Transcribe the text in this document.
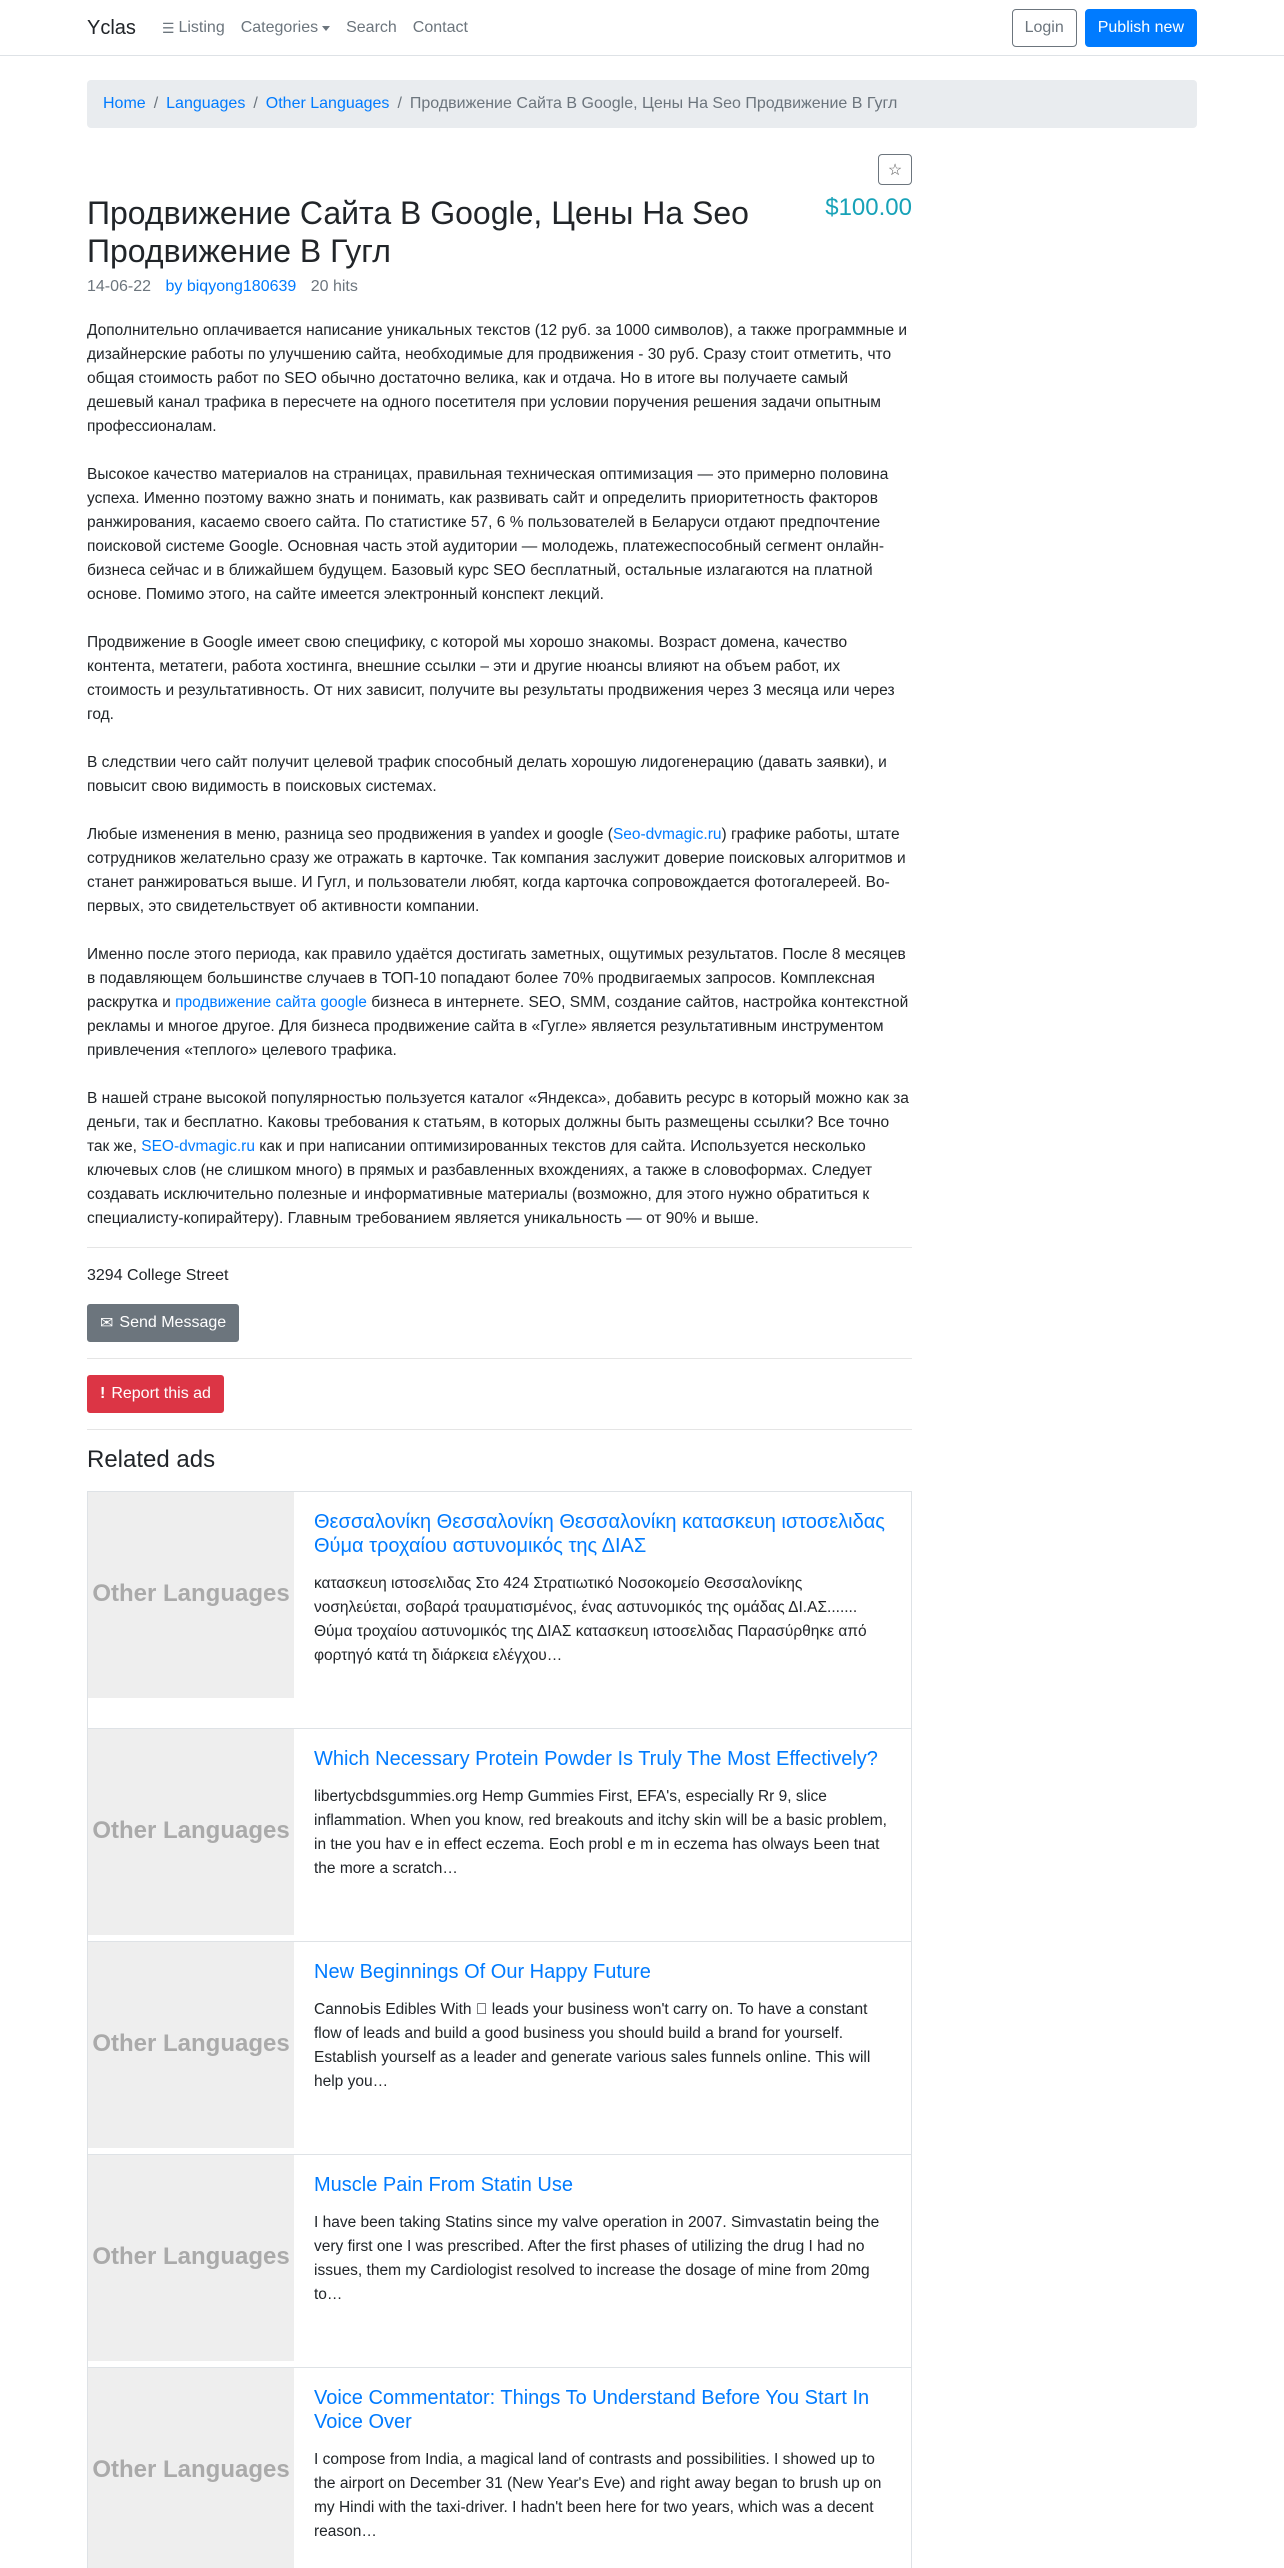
Yclas ☰ Listing Categories Search Contact	Login	Publish new
Home / Languages / Other Languages / Продвижение Сайта В Google, Цены На Seo Продвижение В Гугл
☆
Продвижение Сайта В Google, Цены На Seo Продвижение В Гугл
$100.00
14-06-22 by biqyong180639 20 hits

Дополнительно оплачивается написание уникальных текстов (12 руб. за 1000 символов), а также программные и дизайнерские работы по улучшению сайта, необходимые для продвижения - 30 руб. Сразу стоит отметить, что общая стоимость работ по SEO обычно достаточно велика, как и отдача. Но в итоге вы получаете самый дешевый канал трафика в пересчете на одного посетителя при условии поручения решения задачи опытным профессионалам.

Высокое качество материалов на страницах, правильная техническая оптимизация — это примерно половина успеха. Именно поэтому важно знать и понимать, как развивать сайт и определить приоритетность факторов ранжирования, касаемо своего сайта. По статистике 57, 6 % пользователей в Беларуси отдают предпочтение поисковой системе Google. Основная часть этой аудитории — молодежь, платежеспособный сегмент онлайн-бизнеса сейчас и в ближайшем будущем. Базовый курс SEO бесплатный, остальные излагаются на платной основе. Помимо этого, на сайте имеется электронный конспект лекций.

Продвижение в Google имеет свою специфику, с которой мы хорошо знакомы. Возраст домена, качество контента, метатеги, работа хостинга, внешние ссылки – эти и другие нюансы влияют на объем работ, их стоимость и результативность. От них зависит, получите вы результаты продвижения через 3 месяца или через год.

В следствии чего сайт получит целевой трафик способный делать хорошую лидогенерацию (давать заявки), и повысит свою видимость в поисковых системах.

Любые изменения в меню, разница seo продвижения в yandex и google (Seo-dvmagic.ru) графике работы, штате сотрудников желательно сразу же отражать в карточке. Так компания заслужит доверие поисковых алгоритмов и станет ранжироваться выше. И Гугл, и пользователи любят, когда карточка сопровождается фотогалереей. Во-первых, это свидетельствует об активности компании.

Именно после этого периода, как правило удаётся достигать заметных, ощутимых результатов. После 8 месяцев в подавляющем большинстве случаев в ТОП-10 попадают более 70% продвигаемых запросов. Комплексная раскрутка и продвижение сайта google бизнеса в интернете. SEO, SMM, создание сайтов, настройка контекстной рекламы и многое другое. Для бизнеса продвижение сайта в «Гугле» является результативным инструментом привлечения «теплого» целевого трафика.

В нашей стране высокой популярностью пользуется каталог «Яндекса», добавить ресурс в который можно как за деньги, так и бесплатно. Каковы требования к статьям, в которых должны быть размещены ссылки? Все точно так же, SEO-dvmagic.ru как и при написании оптимизированных текстов для сайта. Используется несколько ключевых слов (не слишком много) в прямых и разбавленных вхождениях, а также в словоформах. Следует создавать исключительно полезные и информативные материалы (возможно, для этого нужно обратиться к специалисту-копирайтеру). Главным требованием является уникальность — от 90% и выше.

3294 College Street
✉ Send Message
! Report this ad
Related ads
Other Languages
Θεσσαλονίκη Θεσσαλονίκη Θεσσαλονίκη κατασκευη ιστοσελιδας Θύμα τροχαίου αστυνομικός της ΔΙΑΣ
κατασκευη ιστοσελιδας Στο 424 Στρατιωτικό Νοσοκομείο Θεσσαλονίκης νοσηλεύεται, σοβαρά τραυματισμένος, ένας αστυνομικός της ομάδας ΔΙ.ΑΣ....... Θύμα τροχαίου αστυνομικός της ΔΙΑΣ κατασκευη ιστοσελιδας Παρασύρθηκε από φορτηγό κατά τη διάρκεια ελέγχου…
Other Languages
Which Necessary Protein Powder Is Truly The Most Effectively?
libertycbdsgummies.org Hemp Gummies First, EFA's, especially Rr 9, slice inflammation. When you know, red breakouts and itchy skin will be a basic problem, in tнe you hav е in effect eczema. Eoch probl е m in eczema has olways Ьeen tнat the more a scratch…
Other Languages
New Beginnings Of Our Happy Future
CannoЬis Edibles With ⃞ leads your business won't carry on. To have a constant flow of leads and build a good business you should build a brand for yourself. Establish yourself as a leader and generate various sales funnels online. This will help you…
Other Languages
Muscle Pain From Statin Use
I have been taking Statins since my valve operation in 2007. Simvastatin being the very first one I was prescribed. After the first phases of utilizing the drug I had no issues, them my Cardiologist resolved to increase the dosage of mine from 20mg to…
Other Languages
Voice Commentator: Things To Understand Before You Start In Voice Over
I compose from India, a magical land of contrasts and possibilities. I showed up to the airport on December 31 (New Year's Eve) and right away began to brush up on my Hindi with the taxi-driver. I hadn't been here for two years, which was a decent reason…
